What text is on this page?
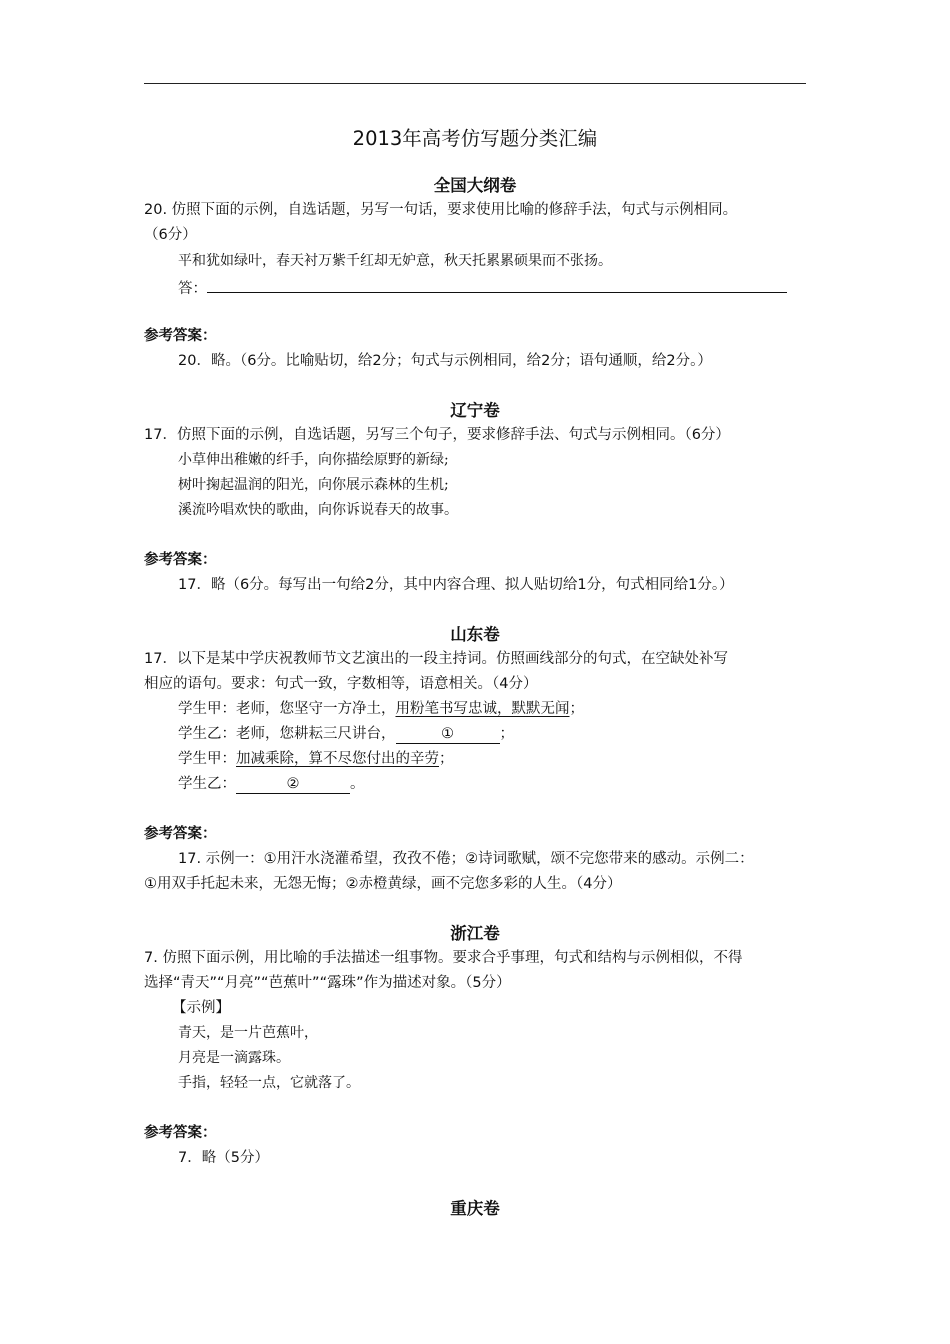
2013年高考仿写题分类汇编
全国大纲卷
20. 仿照下面的示例，自选话题，另写一句话，要求使用比喻的修辞手法，句式与示例相同。
（6分）
平和犹如绿叶，春天衬万紫千红却无妒意，秋天托累累硕果而不张扬。
答：
参考答案：
20．略。（6分。比喻贴切，给2分；句式与示例相同，给2分；语句通顺，给2分。）
辽宁卷
17．仿照下面的示例，自选话题，另写三个句子，要求修辞手法、句式与示例相同。（6分）
小草伸出稚嫩的纤手，向你描绘原野的新绿;
树叶掬起温润的阳光，向你展示森林的生机;
溪流吟唱欢快的歌曲，向你诉说春天的故事。
参考答案：
17．略（6分。每写出一句给2分，其中内容合理、拟人贴切给1分，句式相同给1分。）
山东卷
17．以下是某中学庆祝教师节文艺演出的一段主持词。仿照画线部分的句式，在空缺处补写
相应的语句。要求：句式一致，字数相等，语意相关。（4分）
学生甲：老师，您坚守一方净土，用粉笔书写忠诚，默默无闻；
学生乙：老师，您耕耘三尺讲台，	①	；
学生甲：加减乘除，算不尽您付出的辛劳；
学生乙：	②	。
参考答案：
17. 示例一：①用汗水浇灌希望，孜孜不倦；②诗词歌赋，颂不完您带来的感动。示例二：
①用双手托起未来，无怨无悔；②赤橙黄绿，画不完您多彩的人生。（4分）
浙江卷
7. 仿照下面示例，用比喻的手法描述一组事物。要求合乎事理，句式和结构与示例相似，不得
选择“青天”“月亮”“芭蕉叶”“露珠”作为描述对象。（5分）
【示例】
青天，是一片芭蕉叶，
月亮是一滴露珠。
手指，轻轻一点，它就落了。
参考答案：
7．略（5分）
重庆卷
